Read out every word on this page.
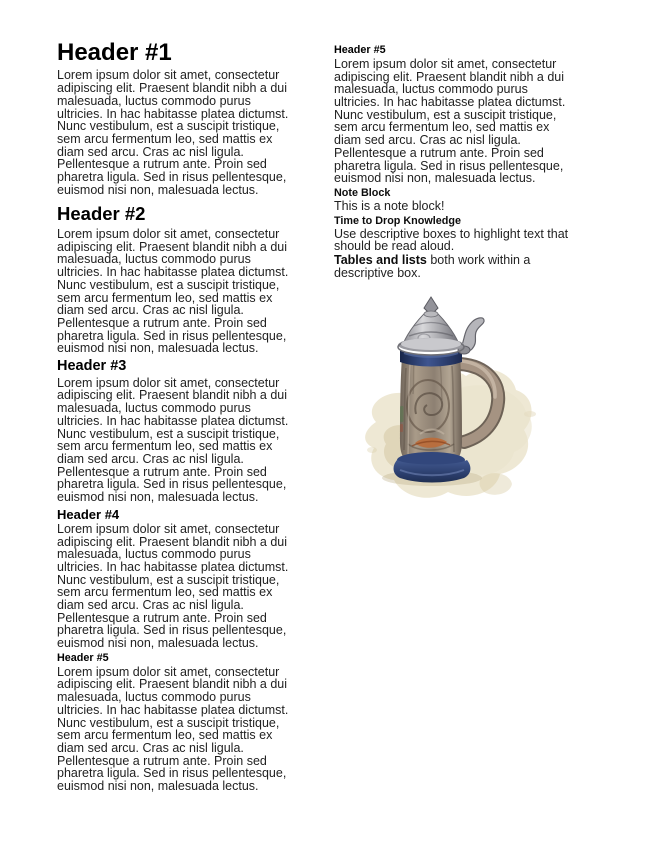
Header #1

Lorem ipsum dolor sit amet, consectetur
adipiscing elit. Praesent blandit nibh a dui
malesuada, luctus commodo purus
ultricies. In hac habitasse platea dictumst.
Nunc vestibulum, est a suscipit tristique,
sem arcu fermentum leo, sed mattis ex
diam sed arcu. Cras ac nisl ligula.
Pellentesque a rutrum ante. Proin sed
pharetra ligula. Sed in risus pellentesque,
euismod nisi non, malesuada lectus.

Header #2

Lorem ipsum dolor sit amet, consectetur
adipiscing elit. Praesent blandit nibh a dui
malesuada, luctus commodo purus
ultricies. In hac habitasse platea dictumst.
Nunc vestibulum, est a suscipit tristique,
sem arcu fermentum leo, sed mattis ex
diam sed arcu. Cras ac nisl ligula.
Pellentesque a rutrum ante. Proin sed
pharetra ligula. Sed in risus pellentesque,
euismod nisi non, malesuada lectus.

Header #3

Lorem ipsum dolor sit amet, consectetur
adipiscing elit. Praesent blandit nibh a dui
malesuada, luctus commodo purus
ultricies. In hac habitasse platea dictumst.
Nunc vestibulum, est a suscipit tristique,
sem arcu fermentum leo, sed mattis ex
diam sed arcu. Cras ac nisl ligula.
Pellentesque a rutrum ante. Proin sed
pharetra ligula. Sed in risus pellentesque,
euismod nisi non, malesuada lectus.

Header #4

Lorem ipsum dolor sit amet, consectetur
adipiscing elit. Praesent blandit nibh a dui
malesuada, luctus commodo purus
ultricies. In hac habitasse platea dictumst.
Nunc vestibulum, est a suscipit tristique,
sem arcu fermentum leo, sed mattis ex
diam sed arcu. Cras ac nisl ligula.
Pellentesque a rutrum ante. Proin sed
pharetra ligula. Sed in risus pellentesque,
euismod nisi non, malesuada lectus.

Header #5

Lorem ipsum dolor sit amet, consectetur
adipiscing elit. Praesent blandit nibh a dui
malesuada, luctus commodo purus
ultricies. In hac habitasse platea dictumst.
Nunc vestibulum, est a suscipit tristique,
sem arcu fermentum leo, sed mattis ex
diam sed arcu. Cras ac nisl ligula.
Pellentesque a rutrum ante. Proin sed
pharetra ligula. Sed in risus pellentesque,
euismod nisi non, malesuada lectus.

Header #5

Lorem ipsum dolor sit amet, consectetur
adipiscing elit. Praesent blandit nibh a dui
malesuada, luctus commodo purus
ultricies. In hac habitasse platea dictumst.
Nunc vestibulum, est a suscipit tristique,
sem arcu fermentum leo, sed mattis ex
diam sed arcu. Cras ac nisl ligula.
Pellentesque a rutrum ante. Proin sed
pharetra ligula. Sed in risus pellentesque,
euismod nisi non, malesuada lectus.

Note Block

This is a note block!

Time to Drop Knowledge

Use descriptive boxes to highlight text that
should be read aloud.

Tables and lists both work within a
descriptive box.
